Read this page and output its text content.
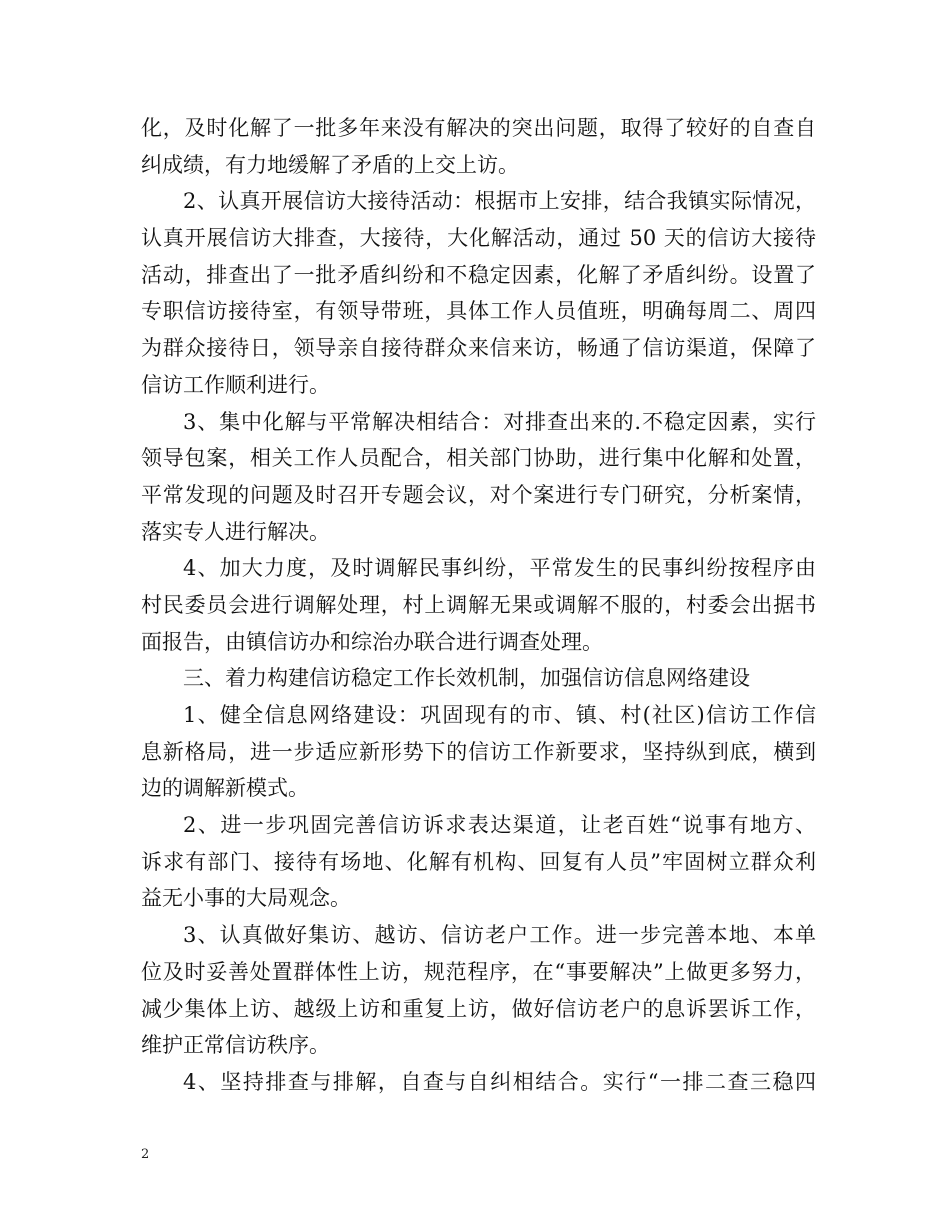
化，及时化解了一批多年来没有解决的突出问题，取得了较好的自查自
纠成绩，有力地缓解了矛盾的上交上访。
2、认真开展信访大接待活动：根据市上安排，结合我镇实际情况，
认真开展信访大排查，大接待，大化解活动，通过 50 天的信访大接待
活动，排查出了一批矛盾纠纷和不稳定因素，化解了矛盾纠纷。设置了
专职信访接待室，有领导带班，具体工作人员值班，明确每周二、周四
为群众接待日，领导亲自接待群众来信来访，畅通了信访渠道，保障了
信访工作顺利进行。
3、集中化解与平常解决相结合：对排查出来的.不稳定因素，实行
领导包案，相关工作人员配合，相关部门协助，进行集中化解和处置，
平常发现的问题及时召开专题会议，对个案进行专门研究，分析案情，
落实专人进行解决。
4、加大力度，及时调解民事纠纷，平常发生的民事纠纷按程序由
村民委员会进行调解处理，村上调解无果或调解不服的，村委会出据书
面报告，由镇信访办和综治办联合进行调查处理。
三、着力构建信访稳定工作长效机制，加强信访信息网络建设
1、健全信息网络建设：巩固现有的市、镇、村(社区)信访工作信
息新格局，进一步适应新形势下的信访工作新要求，坚持纵到底，横到
边的调解新模式。
2、进一步巩固完善信访诉求表达渠道，让老百姓“说事有地方、
诉求有部门、接待有场地、化解有机构、回复有人员”牢固树立群众利
益无小事的大局观念。
3、认真做好集访、越访、信访老户工作。进一步完善本地、本单
位及时妥善处置群体性上访，规范程序，在“事要解决”上做更多努力，
减少集体上访、越级上访和重复上访，做好信访老户的息诉罢诉工作，
维护正常信访秩序。
4、坚持排查与排解，自查与自纠相结合。实行“一排二查三稳四
2
